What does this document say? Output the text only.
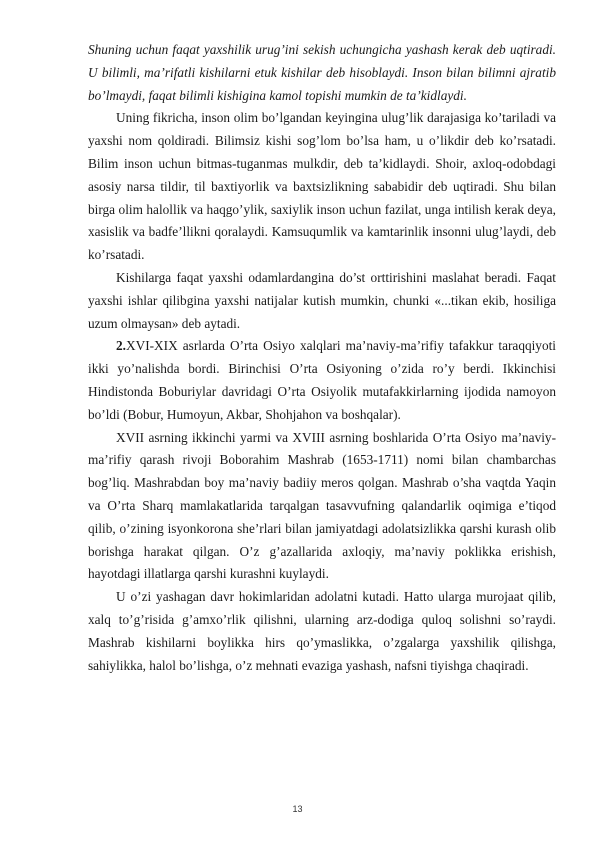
Shuning uchun faqat yaxshilik urug’ini sekish uchungicha yashash kerak deb uqtiradi. U bilimli, ma’rifatli kishilarni etuk kishilar deb hisoblaydi. Inson bilan bilimni ajratib bo’lmaydi, faqat bilimli kishigina kamol topishi mumkin de ta’kidlaydi.

Uning fikricha, inson olim bo’lgandan keyingina ulug’lik darajasiga ko’tariladi va yaxshi nom qoldiradi. Bilimsiz kishi sog’lom bo’lsa ham, u o’likdir deb ko’rsatadi. Bilim inson uchun bitmas-tuganmas mulkdir, deb ta’kidlaydi. Shoir, axloq-odobdagi asosiy narsa tildir, til baxtiyorlik va baxtsizlikning sababidir deb uqtiradi. Shu bilan birga olim halollik va haqgo’ylik, saxiylik inson uchun fazilat, unga intilish kerak deya, xasislik va badfe’llikni qoralaydi. Kamsuqumlik va kamtarinlik insonni ulug’laydi, deb ko’rsatadi.

Kishilarga faqat yaxshi odamlardangina do’st orttirishini maslahat beradi. Faqat yaxshi ishlar qilibgina yaxshi natijalar kutish mumkin, chunki «...tikan ekib, hosiliga uzum olmaysan» deb aytadi.

2.XVI-XIX asrlarda O’rta Osiyo xalqlari ma’naviy-ma’rifiy tafakkur taraqqiyoti ikki yo’nalishda bordi. Birinchisi O’rta Osiyoning o’zida ro’y berdi. Ikkinchisi Hindistonda Boburiylar davridagi O’rta Osiyolik mutafakkirlarning ijodida namoyon bo’ldi (Bobur, Humoyun, Akbar, Shohjahon va boshqalar).

XVII asrning ikkinchi yarmi va XVIII asrning boshlarida O’rta Osiyo ma’naviy-ma’rifiy qarash rivoji Boborahim Mashrab (1653-1711) nomi bilan chambarchas bog’liq. Mashrabdan boy ma’naviy badiiy meros qolgan. Mashrab o’sha vaqtda Yaqin va O’rta Sharq mamlakatlarida tarqalgan tasavvufning qalandarlik oqimiga e’tiqod qilib, o’zining isyonkorona she’rlari bilan jamiyatdagi adolatsizlikka qarshi kurash olib borishga harakat qilgan. O’z g’azallarida axloqiy, ma’naviy poklikka erishish, hayotdagi illatlarga qarshi kurashni kuylaydi.

U o’zi yashagan davr hokimlaridan adolatni kutadi. Hatto ularga murojaat qilib, xalq to’g’risida g’amxo’rlik qilishni, ularning arz-dodiga quloq solishni so’raydi. Mashrab kishilarni boylikka hirs qo’ymaslikka, o’zgalarga yaxshilik qilishga, sahiylikka, halol bo’lishga, o’z mehnati evaziga yashash, nafsni tiyishga chaqiradi.

13
